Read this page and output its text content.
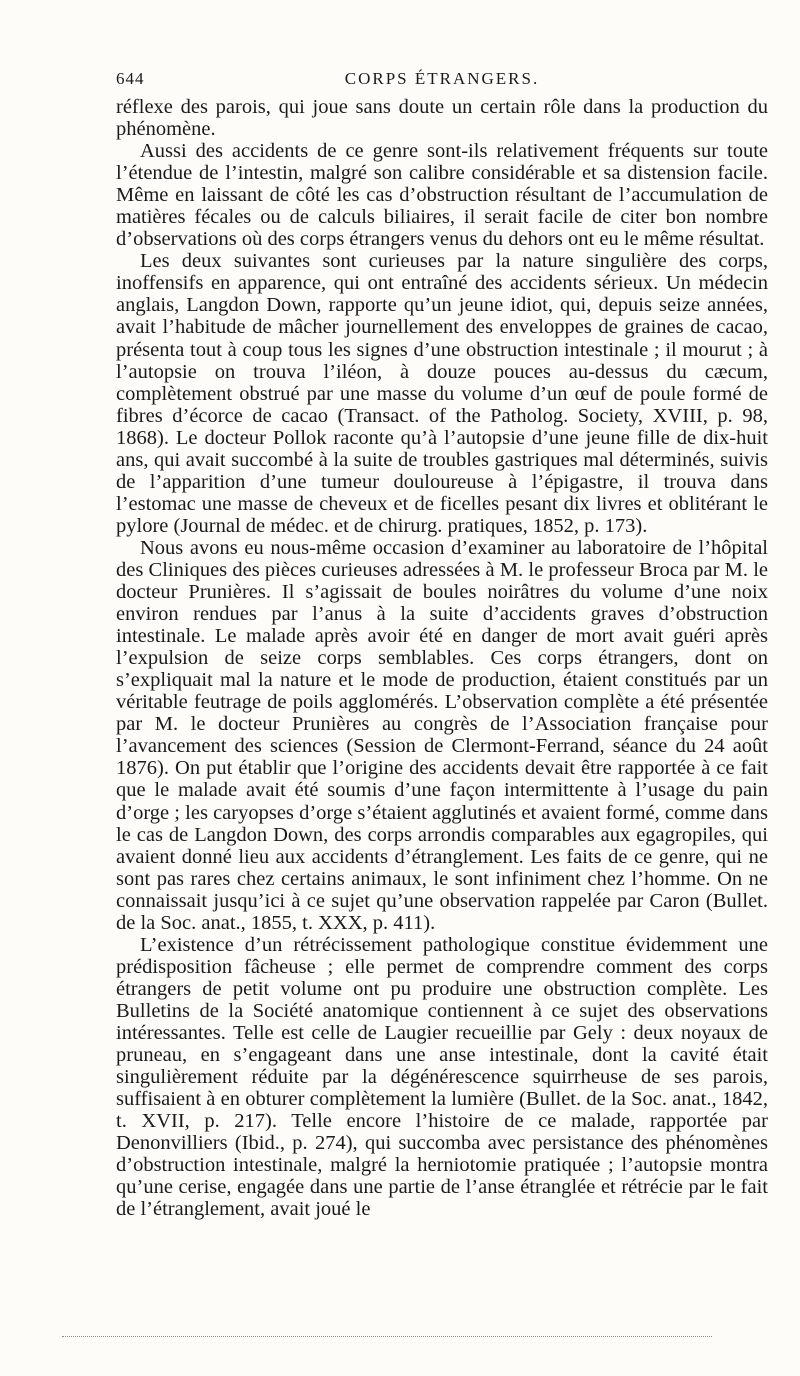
644	CORPS ÉTRANGERS.

réflexe des parois, qui joue sans doute un certain rôle dans la production du phénomène.

Aussi des accidents de ce genre sont-ils relativement fréquents sur toute l’étendue de l’intestin, malgré son calibre considérable et sa distension facile. Même en laissant de côté les cas d’obstruction résultant de l’accumulation de matières fécales ou de calculs biliaires, il serait facile de citer bon nombre d’observations où des corps étrangers venus du dehors ont eu le même résultat.

Les deux suivantes sont curieuses par la nature singulière des corps, inoffensifs en apparence, qui ont entraîné des accidents sérieux. Un médecin anglais, Langdon Down, rapporte qu’un jeune idiot, qui, depuis seize années, avait l’habitude de mâcher journellement des enveloppes de graines de cacao, présenta tout à coup tous les signes d’une obstruction intestinale ; il mourut ; à l’autopsie on trouva l’iléon, à douze pouces au-dessus du cæcum, complètement obstrué par une masse du volume d’un œuf de poule formé de fibres d’écorce de cacao (Transact. of the Patholog. Society, XVIII, p. 98, 1868). Le docteur Pollok raconte qu’à l’autopsie d’une jeune fille de dix-huit ans, qui avait succombé à la suite de troubles gastriques mal déterminés, suivis de l’apparition d’une tumeur douloureuse à l’épigastre, il trouva dans l’estomac une masse de cheveux et de ficelles pesant dix livres et oblitérant le pylore (Journal de médec. et de chirurg. pratiques, 1852, p. 173).

Nous avons eu nous-même occasion d’examiner au laboratoire de l’hôpital des Cliniques des pièces curieuses adressées à M. le professeur Broca par M. le docteur Prunières. Il s’agissait de boules noirâtres du volume d’une noix environ rendues par l’anus à la suite d’accidents graves d’obstruction intestinale. Le malade après avoir été en danger de mort avait guéri après l’expulsion de seize corps semblables. Ces corps étrangers, dont on s’expliquait mal la nature et le mode de production, étaient constitués par un véritable feutrage de poils agglomérés. L’observation complète a été présentée par M. le docteur Prunières au congrès de l’Association française pour l’avancement des sciences (Session de Clermont-Ferrand, séance du 24 août 1876). On put établir que l’origine des accidents devait être rapportée à ce fait que le malade avait été soumis d’une façon intermittente à l’usage du pain d’orge ; les caryopses d’orge s’étaient agglutinés et avaient formé, comme dans le cas de Langdon Down, des corps arrondis comparables aux egagropiles, qui avaient donné lieu aux accidents d’étranglement. Les faits de ce genre, qui ne sont pas rares chez certains animaux, le sont infiniment chez l’homme. On ne connaissait jusqu’ici à ce sujet qu’une observation rappelée par Caron (Bullet. de la Soc. anat., 1855, t. XXX, p. 411).

L’existence d’un rétrécissement pathologique constitue évidemment une prédisposition fâcheuse ; elle permet de comprendre comment des corps étrangers de petit volume ont pu produire une obstruction complète. Les Bulletins de la Société anatomique contiennent à ce sujet des observations intéressantes. Telle est celle de Laugier recueillie par Gely : deux noyaux de pruneau, en s’engageant dans une anse intestinale, dont la cavité était singulièrement réduite par la dégénérescence squirrheuse de ses parois, suffisaient à en obturer complètement la lumière (Bullet. de la Soc. anat., 1842, t. XVII, p. 217). Telle encore l’histoire de ce malade, rapportée par Denonvilliers (Ibid., p. 274), qui succomba avec persistance des phénomènes d’obstruction intestinale, malgré la herniotomie pratiquée ; l’autopsie montra qu’une cerise, engagée dans une partie de l’anse étranglée et rétrécie par le fait de l’étranglement, avait joué le
